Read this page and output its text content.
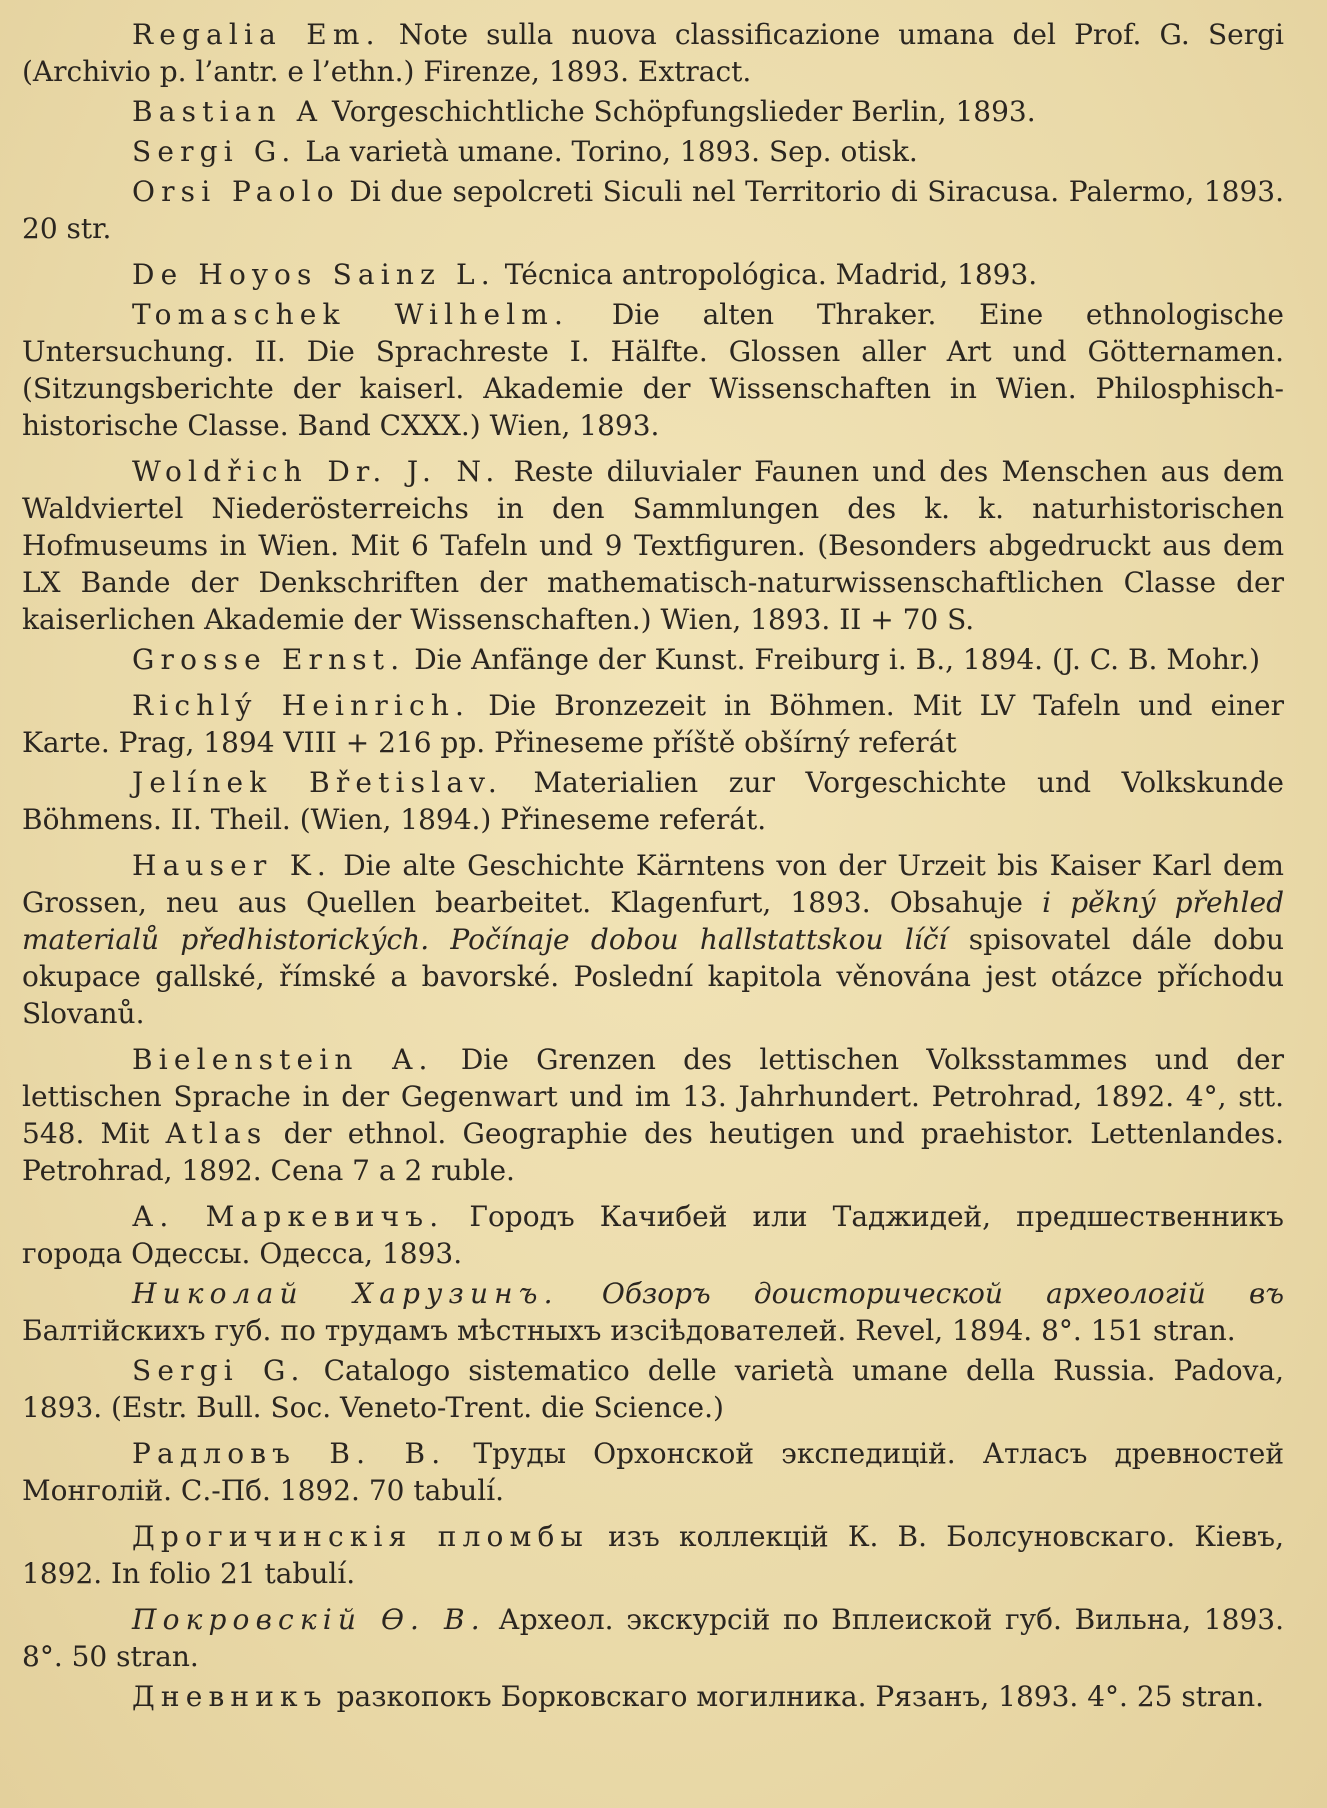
Regalia Em. Note sulla nuova classificazione umana del Prof. G. Sergi (Archivio p. l’antr. e l’ethn.) Firenze, 1893. Extract.

Bastian A Vorgeschichtliche Schöpfungslieder Berlin, 1893.

Sergi G. La varietà umane. Torino, 1893. Sep. otisk.

Orsi Paolo Di due sepolcreti Siculi nel Territorio di Siracusa. Palermo, 1893. 20 str.

De Hoyos Sainz L. Técnica antropológica. Madrid, 1893.

Tomaschek Wilhelm. Die alten Thraker. Eine ethnologische Untersuchung. II. Die Sprachreste I. Hälfte. Glossen aller Art und Götternamen. (Sitzungsberichte der kaiserl. Akademie der Wissenschaften in Wien. Philosphisch-historische Classe. Band CXXX.) Wien, 1893.

Woldřich Dr. J. N. Reste diluvialer Faunen und des Menschen aus dem Waldviertel Niederösterreichs in den Sammlungen des k. k. naturhistorischen Hofmuseums in Wien. Mit 6 Tafeln und 9 Textfiguren. (Besonders abgedruckt aus dem LX Bande der Denkschriften der mathematisch-naturwissenschaftlichen Classe der kaiserlichen Akademie der Wissenschaften.) Wien, 1893. II + 70 S.

Grosse Ernst. Die Anfänge der Kunst. Freiburg i. B., 1894. (J. C. B. Mohr.)

Richlý Heinrich. Die Bronzezeit in Böhmen. Mit LV Tafeln und einer Karte. Prag, 1894 VIII + 216 pp. Přineseme příště obšírný referát

Jelínek Břetislav. Materialien zur Vorgeschichte und Volkskunde Böhmens. II. Theil. (Wien, 1894.) Přineseme referát.

Hauser K. Die alte Geschichte Kärntens von der Urzeit bis Kaiser Karl dem Grossen, neu aus Quellen bearbeitet. Klagenfurt, 1893. Obsahuje i pěkný přehled materialů předhistorických. Počínaje dobou hallstattskou líčí spisovatel dále dobu okupace gallské, římské a bavorské. Poslední kapitola věnována jest otázce příchodu Slovanů.

Bielenstein A. Die Grenzen des lettischen Volksstammes und der lettischen Sprache in der Gegenwart und im 13. Jahrhundert. Petrohrad, 1892. 4°, stt. 548. Mit Atlas der ethnol. Geographie des heutigen und praehistor. Lettenlandes. Petrohrad, 1892. Cena 7 a 2 ruble.

А. Маркевичъ. Городъ Качибей или Таджидей, предшественникъ города Одессы. Одесса, 1893.

Николай Харузинъ. Обзоръ доисторической археологiй въ Балтiйскихъ губ. по трудамъ мѣстныхъ изсiѣдователей. Revel, 1894. 8°. 151 stran.

Sergi G. Catalogo sistematico delle varietà umane della Russia. Padova, 1893. (Estr. Bull. Soc. Veneto-Trent. die Science.)

Радловъ В. В. Труды Орхонской экспедицiй. Атласъ древностей Монголiй. С.-Пб. 1892. 70 tabulí.

Дрогичинскiя пломбы изъ коллекцiй К. В. Болсуновскаго. Кiевъ, 1892. In folio 21 tabulí.

Покровскiй Ѳ. В. Археол. экскурсiй по Вплеиской губ. Вильна, 1893. 8°. 50 stran.

Дневникъ разкопокъ Борковскаго могилника. Рязанъ, 1893. 4°. 25 stran.
